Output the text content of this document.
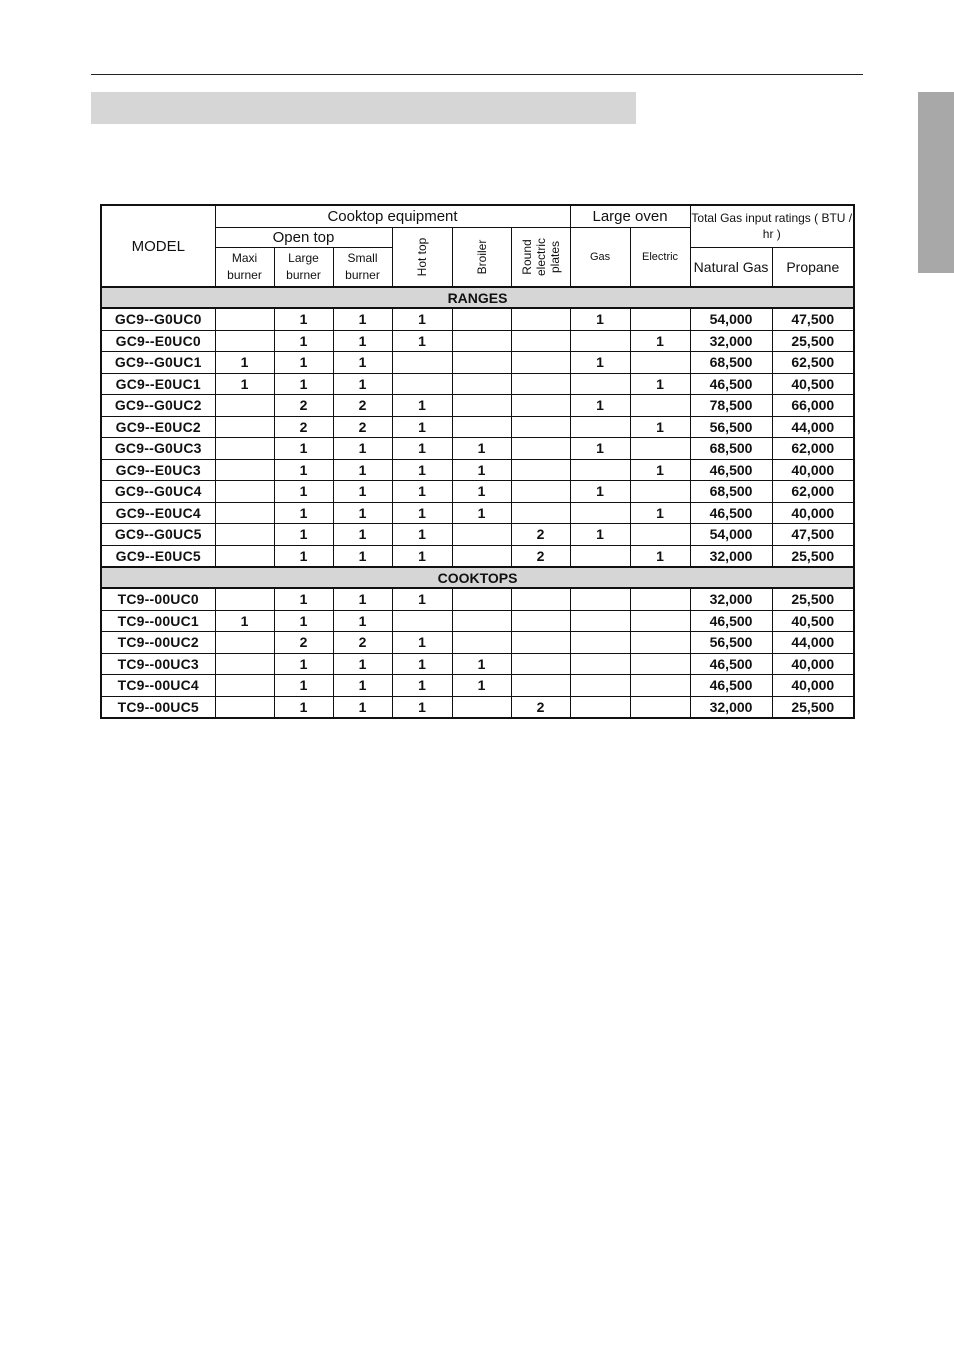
MODEL	Cooktop equipment						Large oven		Total Gas input ratings ( BTU / hr )	
	Open top			Hot top	Broiler	Round electric plates	Gas	Electric		
	Maxi burner	Large burner	Small burner						Natural Gas	Propane
RANGES										
GC9--G0UC0		1	1	1			1		54,000	47,500
GC9--E0UC0		1	1	1				1	32,000	25,500
GC9--G0UC1	1	1	1				1		68,500	62,500
GC9--E0UC1	1	1	1					1	46,500	40,500
GC9--G0UC2		2	2	1			1		78,500	66,000
GC9--E0UC2		2	2	1				1	56,500	44,000
GC9--G0UC3		1	1	1	1		1		68,500	62,000
GC9--E0UC3		1	1	1	1			1	46,500	40,000
GC9--G0UC4		1	1	1	1		1		68,500	62,000
GC9--E0UC4		1	1	1	1			1	46,500	40,000
GC9--G0UC5		1	1	1		2	1		54,000	47,500
GC9--E0UC5		1	1	1		2		1	32,000	25,500
COOKTOPS										
TC9--00UC0		1	1	1					32,000	25,500
TC9--00UC1	1	1	1						46,500	40,500
TC9--00UC2		2	2	1					56,500	44,000
TC9--00UC3		1	1	1	1				46,500	40,000
TC9--00UC4		1	1	1	1				46,500	40,000
TC9--00UC5		1	1	1		2			32,000	25,500
